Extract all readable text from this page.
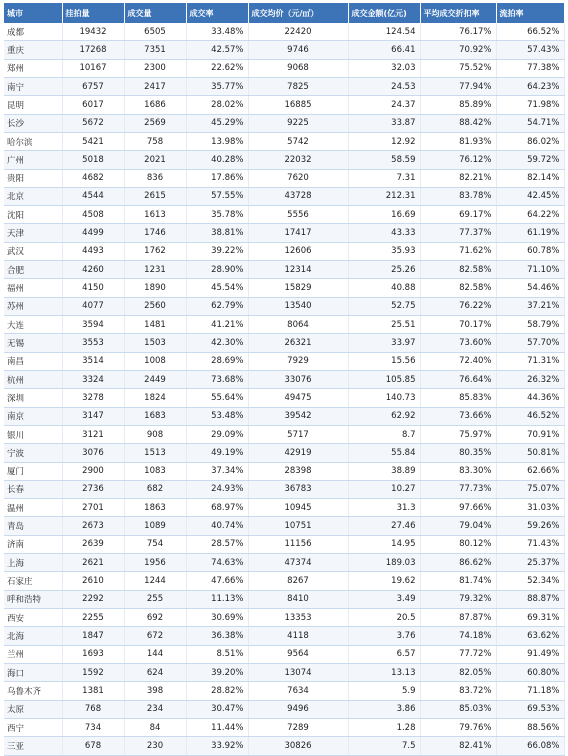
城市	挂拍量	成交量	成交率	成交均价（元/㎡）	成交金额(亿元)	平均成交折扣率	流拍率
成都	19432	6505	33.48%	22420	124.54	76.17%	66.52%
重庆	17268	7351	42.57%	9746	66.41	70.92%	57.43%
郑州	10167	2300	22.62%	9068	32.03	75.52%	77.38%
南宁	6757	2417	35.77%	7825	24.53	77.94%	64.23%
昆明	6017	1686	28.02%	16885	24.37	85.89%	71.98%
长沙	5672	2569	45.29%	9225	33.87	88.42%	54.71%
哈尔滨	5421	758	13.98%	5742	12.92	81.93%	86.02%
广州	5018	2021	40.28%	22032	58.59	76.12%	59.72%
贵阳	4682	836	17.86%	7620	7.31	82.21%	82.14%
北京	4544	2615	57.55%	43728	212.31	83.78%	42.45%
沈阳	4508	1613	35.78%	5556	16.69	69.17%	64.22%
天津	4499	1746	38.81%	17417	43.33	77.37%	61.19%
武汉	4493	1762	39.22%	12606	35.93	71.62%	60.78%
合肥	4260	1231	28.90%	12314	25.26	82.58%	71.10%
福州	4150	1890	45.54%	15829	40.88	82.58%	54.46%
苏州	4077	2560	62.79%	13540	52.75	76.22%	37.21%
大连	3594	1481	41.21%	8064	25.51	70.17%	58.79%
无锡	3553	1503	42.30%	26321	33.97	73.60%	57.70%
南昌	3514	1008	28.69%	7929	15.56	72.40%	71.31%
杭州	3324	2449	73.68%	33076	105.85	76.64%	26.32%
深圳	3278	1824	55.64%	49475	140.73	85.83%	44.36%
南京	3147	1683	53.48%	39542	62.92	73.66%	46.52%
银川	3121	908	29.09%	5717	8.7	75.97%	70.91%
宁波	3076	1513	49.19%	42919	55.84	80.35%	50.81%
厦门	2900	1083	37.34%	28398	38.89	83.30%	62.66%
长春	2736	682	24.93%	36783	10.27	77.73%	75.07%
温州	2701	1863	68.97%	10945	31.3	97.66%	31.03%
青岛	2673	1089	40.74%	10751	27.46	79.04%	59.26%
济南	2639	754	28.57%	11156	14.95	80.12%	71.43%
上海	2621	1956	74.63%	47374	189.03	86.62%	25.37%
石家庄	2610	1244	47.66%	8267	19.62	81.74%	52.34%
呼和浩特	2292	255	11.13%	8410	3.49	79.32%	88.87%
西安	2255	692	30.69%	13353	20.5	87.87%	69.31%
北海	1847	672	36.38%	4118	3.76	74.18%	63.62%
兰州	1693	144	8.51%	9564	6.57	77.72%	91.49%
海口	1592	624	39.20%	13074	13.13	82.05%	60.80%
乌鲁木齐	1381	398	28.82%	7634	5.9	83.72%	71.18%
太原	768	234	30.47%	9496	3.86	85.03%	69.53%
西宁	734	84	11.44%	7289	1.28	79.76%	88.56%
三亚	678	230	33.92%	30826	7.5	82.41%	66.08%
